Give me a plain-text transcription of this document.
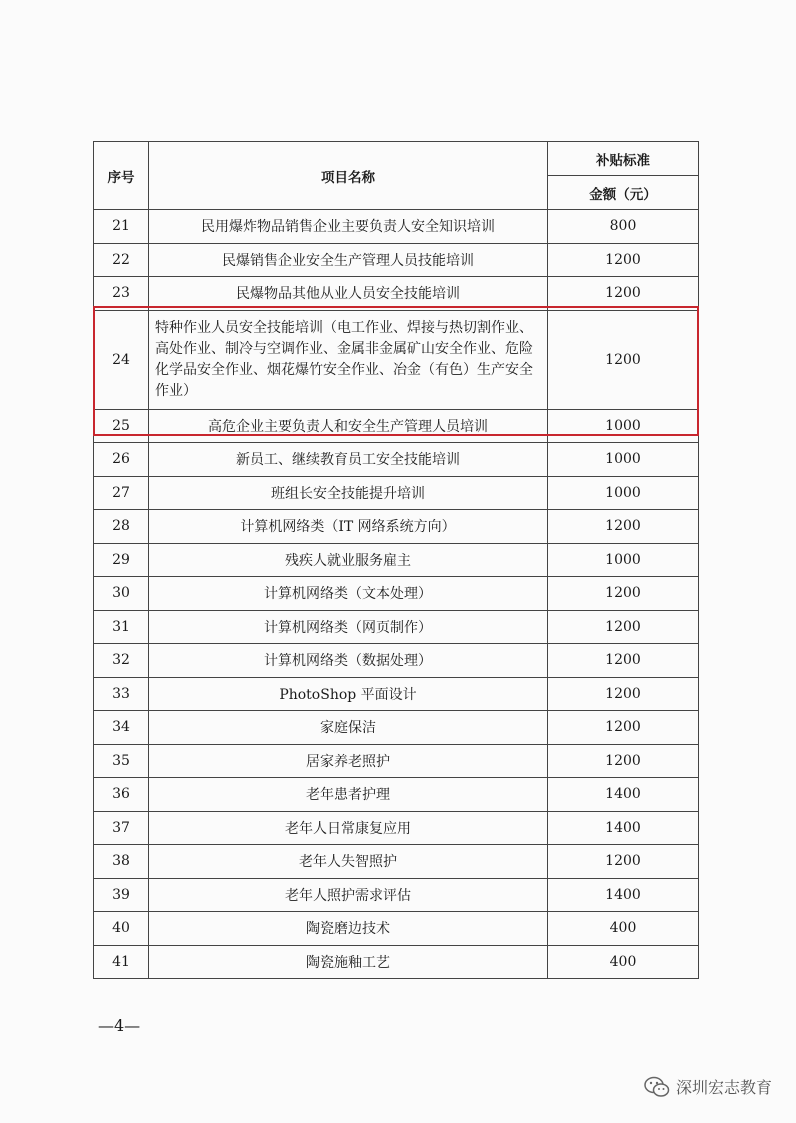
序号	项目名称	补贴标准
		金额（元）
21	民用爆炸物品销售企业主要负责人安全知识培训	800
22	民爆销售企业安全生产管理人员技能培训	1200
23	民爆物品其他从业人员安全技能培训	1200
24	特种作业人员安全技能培训（电工作业、焊接与热切割作业、高处作业、制冷与空调作业、金属非金属矿山安全作业、危险化学品安全作业、烟花爆竹安全作业、冶金（有色）生产安全作业）	1200
25	高危企业主要负责人和安全生产管理人员培训	1000
26	新员工、继续教育员工安全技能培训	1000
27	班组长安全技能提升培训	1000
28	计算机网络类（IT 网络系统方向）	1200
29	残疾人就业服务雇主	1000
30	计算机网络类（文本处理）	1200
31	计算机网络类（网页制作）	1200
32	计算机网络类（数据处理）	1200
33	PhotoShop 平面设计	1200
34	家庭保洁	1200
35	居家养老照护	1200
36	老年患者护理	1400
37	老年人日常康复应用	1400
38	老年人失智照护	1200
39	老年人照护需求评估	1400
40	陶瓷磨边技术	400
41	陶瓷施釉工艺	400
—4—
深圳宏志教育
